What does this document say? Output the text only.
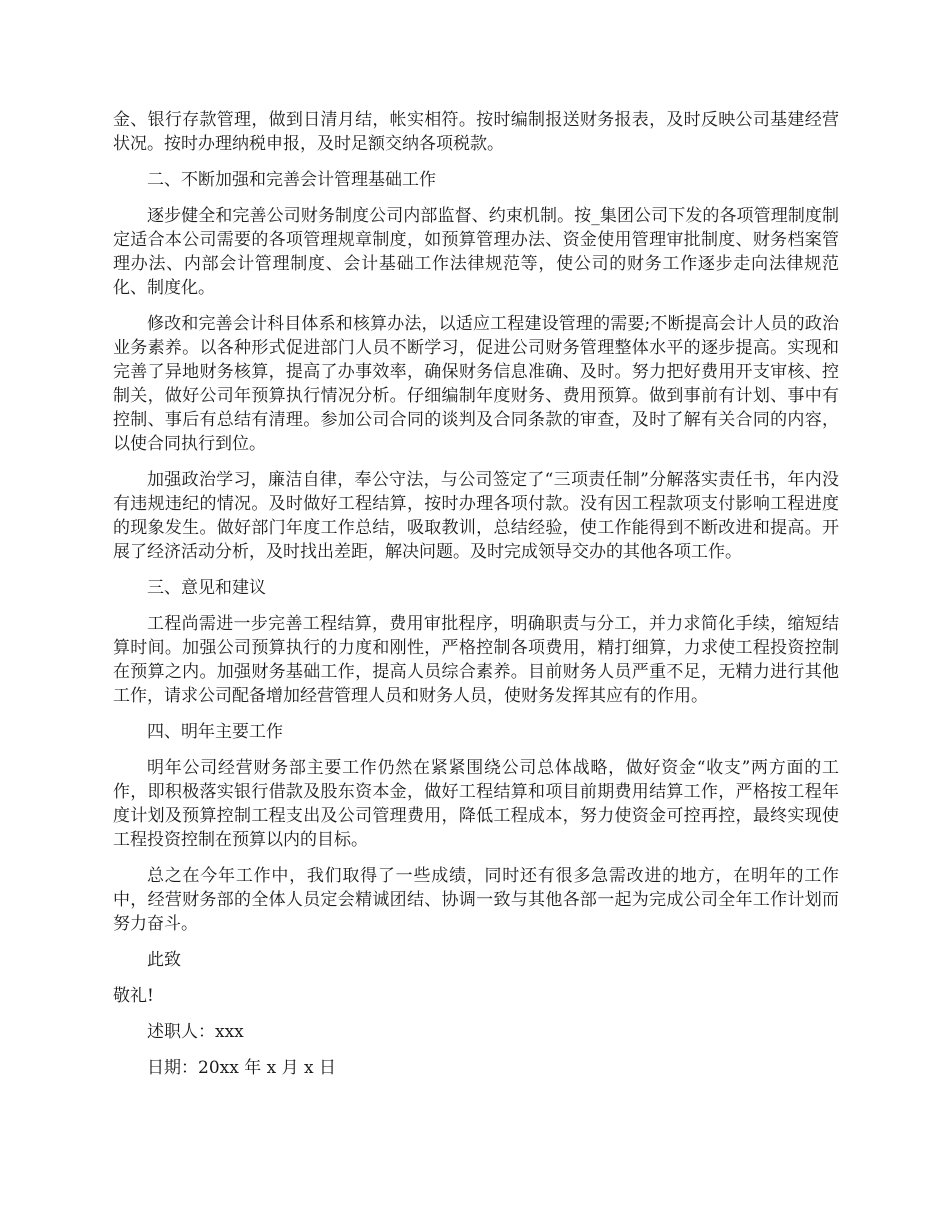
金、银行存款管理，做到日清月结，帐实相符。按时编制报送财务报表，及时反映公司基建经营状况。按时办理纳税申报，及时足额交纳各项税款。

二、不断加强和完善会计管理基础工作

逐步健全和完善公司财务制度公司内部监督、约束机制。按_集团公司下发的各项管理制度制定适合本公司需要的各项管理规章制度，如预算管理办法、资金使用管理审批制度、财务档案管理办法、内部会计管理制度、会计基础工作法律规范等，使公司的财务工作逐步走向法律规范化、制度化。

修改和完善会计科目体系和核算办法，以适应工程建设管理的需要;不断提高会计人员的政治业务素养。以各种形式促进部门人员不断学习，促进公司财务管理整体水平的逐步提高。实现和完善了异地财务核算，提高了办事效率，确保财务信息准确、及时。努力把好费用开支审核、控制关，做好公司年预算执行情况分析。仔细编制年度财务、费用预算。做到事前有计划、事中有控制、事后有总结有清理。参加公司合同的谈判及合同条款的审查，及时了解有关合同的内容，以使合同执行到位。

加强政治学习，廉洁自律，奉公守法，与公司签定了“三项责任制”分解落实责任书，年内没有违规违纪的情况。及时做好工程结算，按时办理各项付款。没有因工程款项支付影响工程进度的现象发生。做好部门年度工作总结，吸取教训，总结经验，使工作能得到不断改进和提高。开展了经济活动分析，及时找出差距，解决问题。及时完成领导交办的其他各项工作。

三、意见和建议

工程尚需进一步完善工程结算，费用审批程序，明确职责与分工，并力求简化手续，缩短结算时间。加强公司预算执行的力度和刚性，严格控制各项费用，精打细算，力求使工程投资控制在预算之内。加强财务基础工作，提高人员综合素养。目前财务人员严重不足，无精力进行其他工作，请求公司配备增加经营管理人员和财务人员，使财务发挥其应有的作用。

四、明年主要工作

明年公司经营财务部主要工作仍然在紧紧围绕公司总体战略，做好资金“收支”两方面的工作，即积极落实银行借款及股东资本金，做好工程结算和项目前期费用结算工作，严格按工程年度计划及预算控制工程支出及公司管理费用，降低工程成本，努力使资金可控再控，最终实现使工程投资控制在预算以内的目标。

总之在今年工作中，我们取得了一些成绩，同时还有很多急需改进的地方，在明年的工作中，经营财务部的全体人员定会精诚团结、协调一致与其他各部一起为完成公司全年工作计划而努力奋斗。

此致

敬礼!

述职人：xxx

日期：20xx 年 x 月 x 日
